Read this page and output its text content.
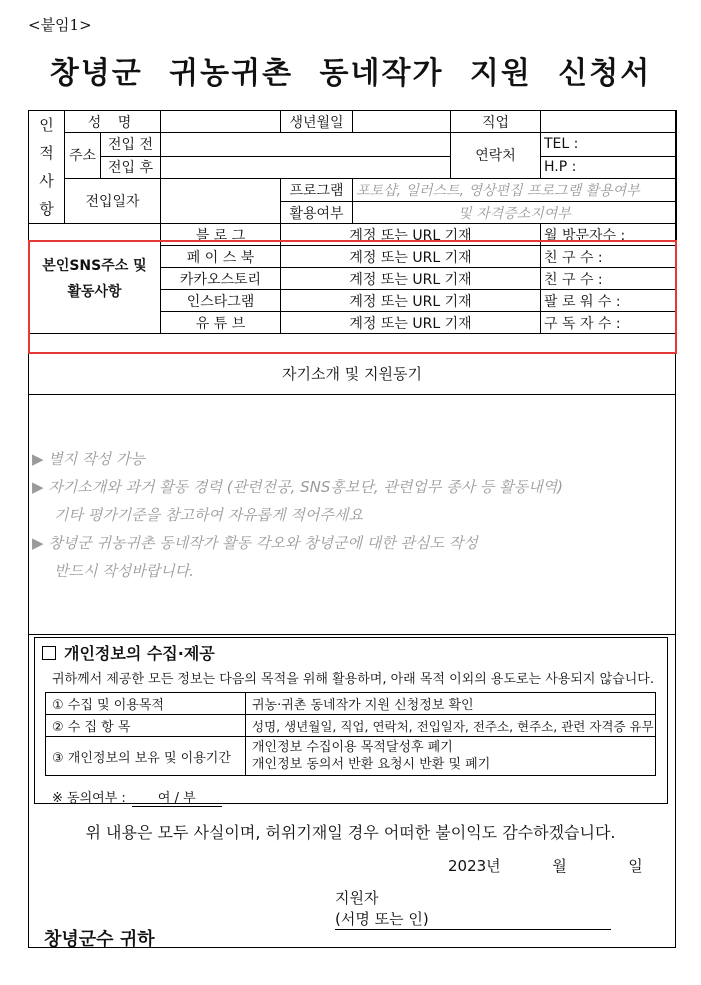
<붙임1>
창녕군 귀농귀촌 동네작가 지원 신청서
인
적
사
항	성 명			생년월일		직업	
	주소	전입 전				연락처	TEL :
		전입 후					H.P :
	전입일자			프로그램	포토샵, 일러스트, 영상편집 프로그램 활용여부		
				활용여부	및 자격증소지여부		
본인SNS주소 및
활동사항			블 로 그	계정 또는 URL 기재			월 방문자수 :
			페 이 스 북	계정 또는 URL 기재			친 구 수 :
			카카오스토리	계정 또는 URL 기재			친 구 수 :
			인스타그램	계정 또는 URL 기재			팔 로 워 수 :
			유 튜 브	계정 또는 URL 기재			구 독 자 수 :
자기소개 및 지원동기
▶ 별지 작성 가능
▶ 자기소개와 과거 활동 경력 (관련전공, SNS홍보단, 관련업무 종사 등 활동내역)
기타 평가기준을 참고하여 자유롭게 적어주세요
▶ 창녕군 귀농귀촌 동네작가 활동 각오와 창녕군에 대한 관심도 작성
반드시 작성바랍니다.
개인정보의 수집·제공
귀하께서 제공한 모든 정보는 다음의 목적을 위해 활용하며, 아래 목적 이외의 용도로는 사용되지 않습니다.
① 수집 및 이용목적	귀농·귀촌 동네작가 지원 신청정보 확인
② 수 집 항 목	성명, 생년월일, 직업, 연락처, 전입일자, 전주소, 현주소, 관련 자격증 유무
③ 개인정보의 보유 및 이용기간	개인정보 수집이용 목적달성후 폐기
개인정보 동의서 반환 요청시 반환 및 폐기
※ 동의여부 : 여 / 부
위 내용은 모두 사실이며, 허위기재일 경우 어떠한 불이익도 감수하겠습니다.
2023년	월	일
지원자  (서명 또는 인)
창녕군수 귀하
